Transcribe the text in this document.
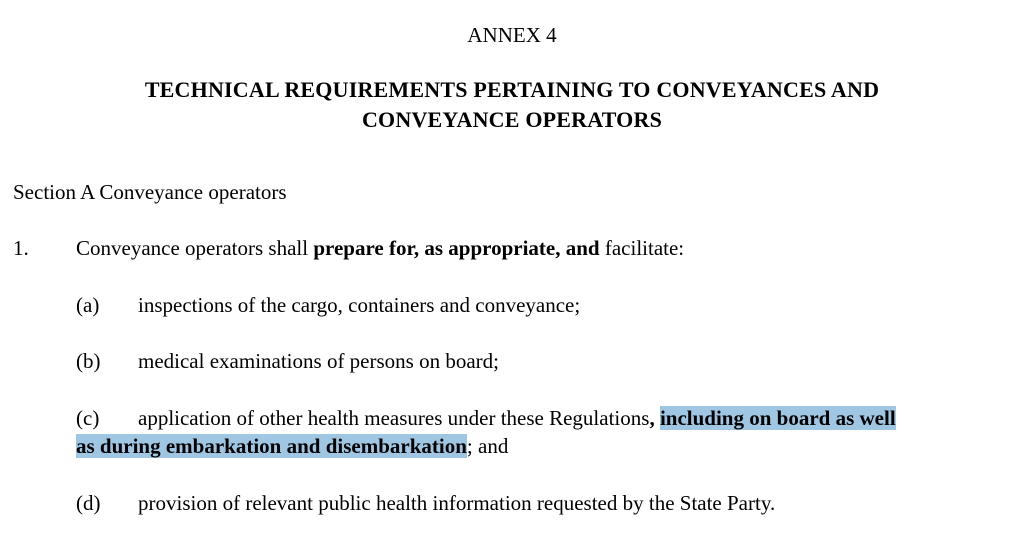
ANNEX 4
TECHNICAL REQUIREMENTS PERTAINING TO CONVEYANCES AND
CONVEYANCE OPERATORS
Section A Conveyance operators
1. Conveyance operators shall prepare for, as appropriate, and facilitate:
(a) inspections of the cargo, containers and conveyance;
(b) medical examinations of persons on board;
(c) application of other health measures under these Regulations, including on board as well
as during embarkation and disembarkation; and
(d) provision of relevant public health information requested by the State Party.
